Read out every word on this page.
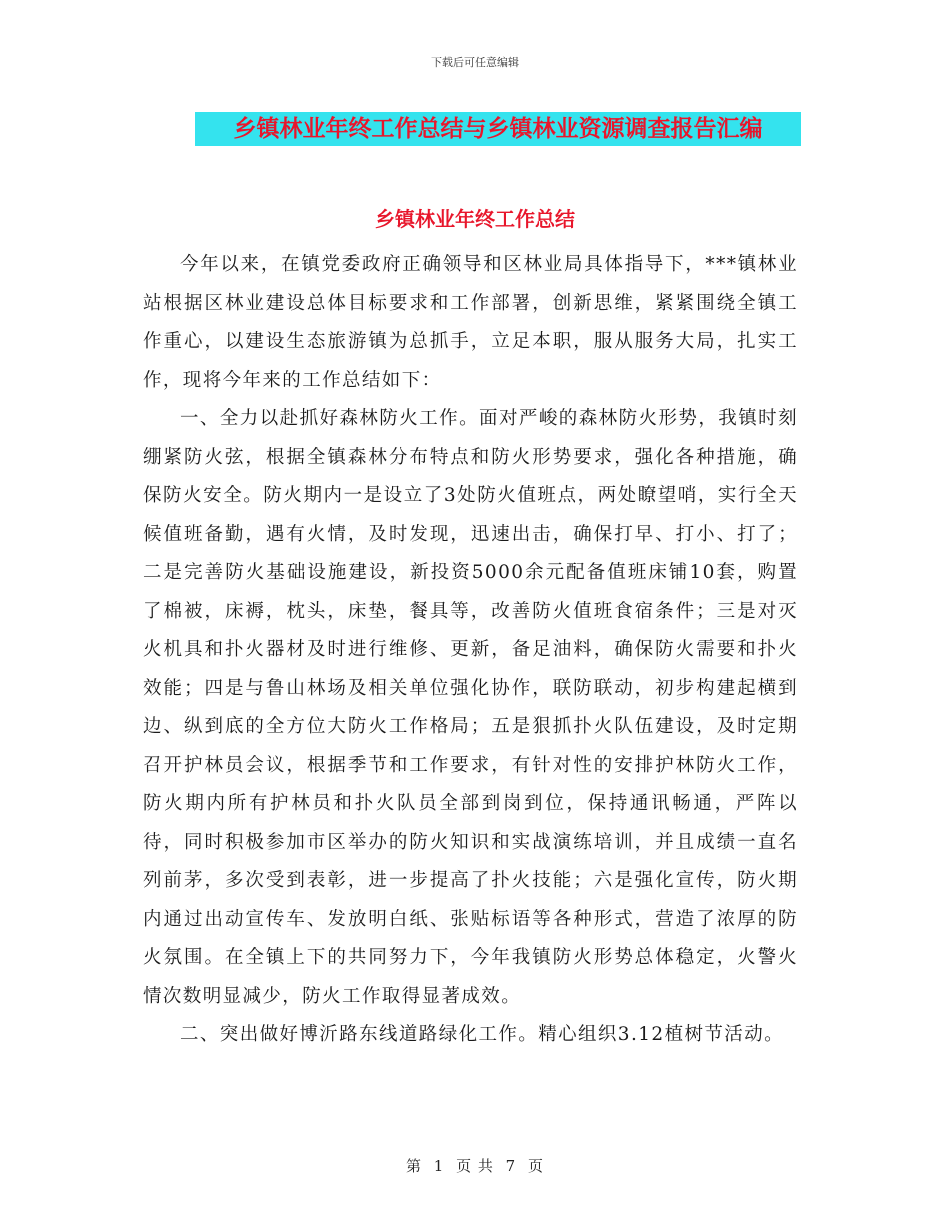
下载后可任意编辑
乡镇林业年终工作总结与乡镇林业资源调查报告汇编
乡镇林业年终工作总结

今年以来，在镇党委政府正确领导和区林业局具体指导下，***镇林业站根据区林业建设总体目标要求和工作部署，创新思维，紧紧围绕全镇工作重心，以建设生态旅游镇为总抓手，立足本职，服从服务大局，扎实工作，现将今年来的工作总结如下：

一、全力以赴抓好森林防火工作。面对严峻的森林防火形势，我镇时刻绷紧防火弦，根据全镇森林分布特点和防火形势要求，强化各种措施，确保防火安全。防火期内一是设立了3处防火值班点，两处瞭望哨，实行全天候值班备勤，遇有火情，及时发现，迅速出击，确保打早、打小、打了；二是完善防火基础设施建设，新投资5000余元配备值班床铺10套，购置了棉被，床褥，枕头，床垫，餐具等，改善防火值班食宿条件；三是对灭火机具和扑火器材及时进行维修、更新，备足油料，确保防火需要和扑火效能；四是与鲁山林场及相关单位强化协作，联防联动，初步构建起横到边、纵到底的全方位大防火工作格局；五是狠抓扑火队伍建设，及时定期召开护林员会议，根据季节和工作要求，有针对性的安排护林防火工作，防火期内所有护林员和扑火队员全部到岗到位，保持通讯畅通，严阵以待，同时积极参加市区举办的防火知识和实战演练培训，并且成绩一直名列前茅，多次受到表彰，进一步提高了扑火技能；六是强化宣传，防火期内通过出动宣传车、发放明白纸、张贴标语等各种形式，营造了浓厚的防火氛围。在全镇上下的共同努力下，今年我镇防火形势总体稳定，火警火情次数明显减少，防火工作取得显著成效。

二、突出做好博沂路东线道路绿化工作。精心组织3.12植树节活动。

第 1 页 共 7 页
